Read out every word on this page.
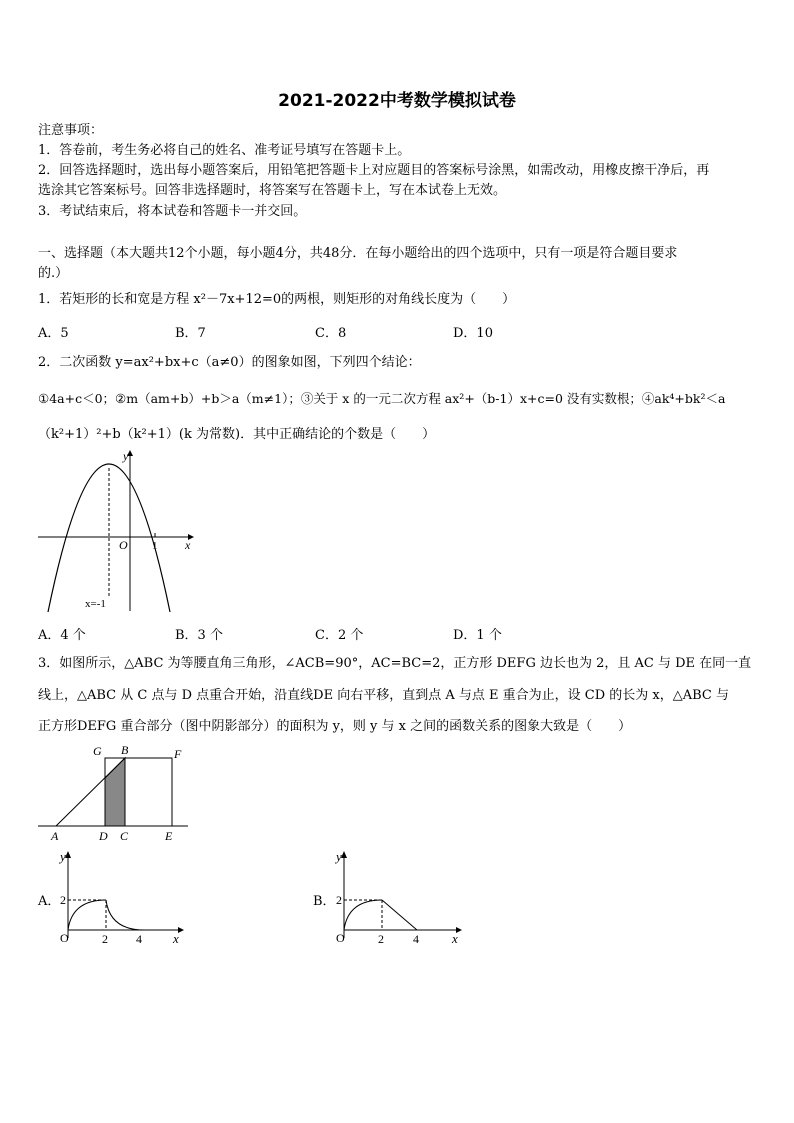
2021-2022中考数学模拟试卷
注意事项：
1．答卷前，考生务必将自己的姓名、准考证号填写在答题卡上。
2．回答选择题时，选出每小题答案后，用铅笔把答题卡上对应题目的答案标号涂黑，如需改动，用橡皮擦干净后，再
选涂其它答案标号。回答非选择题时，将答案写在答题卡上，写在本试卷上无效。
3．考试结束后，将本试卷和答题卡一并交回。
一、选择题（本大题共12个小题，每小题4分，共48分．在每小题给出的四个选项中，只有一项是符合题目要求
的.）
1．若矩形的长和宽是方程 x²－7x+12=0的两根，则矩形的对角线长度为（　　）
A．5	B．7	C．8	D．10
2．二次函数 y=ax²+bx+c（a≠0）的图象如图，下列四个结论：
①4a+c＜0；②m（am+b）+b＞a（m≠1）；③关于 x 的一元二次方程 ax²+（b-1）x+c=0 没有实数根；④ak⁴+bk²＜a
（k²+1）²+b（k²+1）(k 为常数)．其中正确结论的个数是（　　）
y
x
O 1
x=-1
A．4 个	B．3 个	C．2 个	D．1 个
3．如图所示，△ABC 为等腰直角三角形，∠ACB=90°，AC=BC=2，正方形 DEFG 边长也为 2，且 AC 与 DE 在同一直
线上，△ABC 从 C 点与 D 点重合开始，沿直线DE 向右平移，直到点 A 与点 E 重合为止，设 CD 的长为 x，△ABC 与
正方形DEFG 重合部分（图中阴影部分）的面积为 y，则 y 与 x 之间的函数关系的图象大致是（　　）
G B	F
A	D C	E
A．
y
x
O
2
2 4
B．
y
x
O
2
2 4
